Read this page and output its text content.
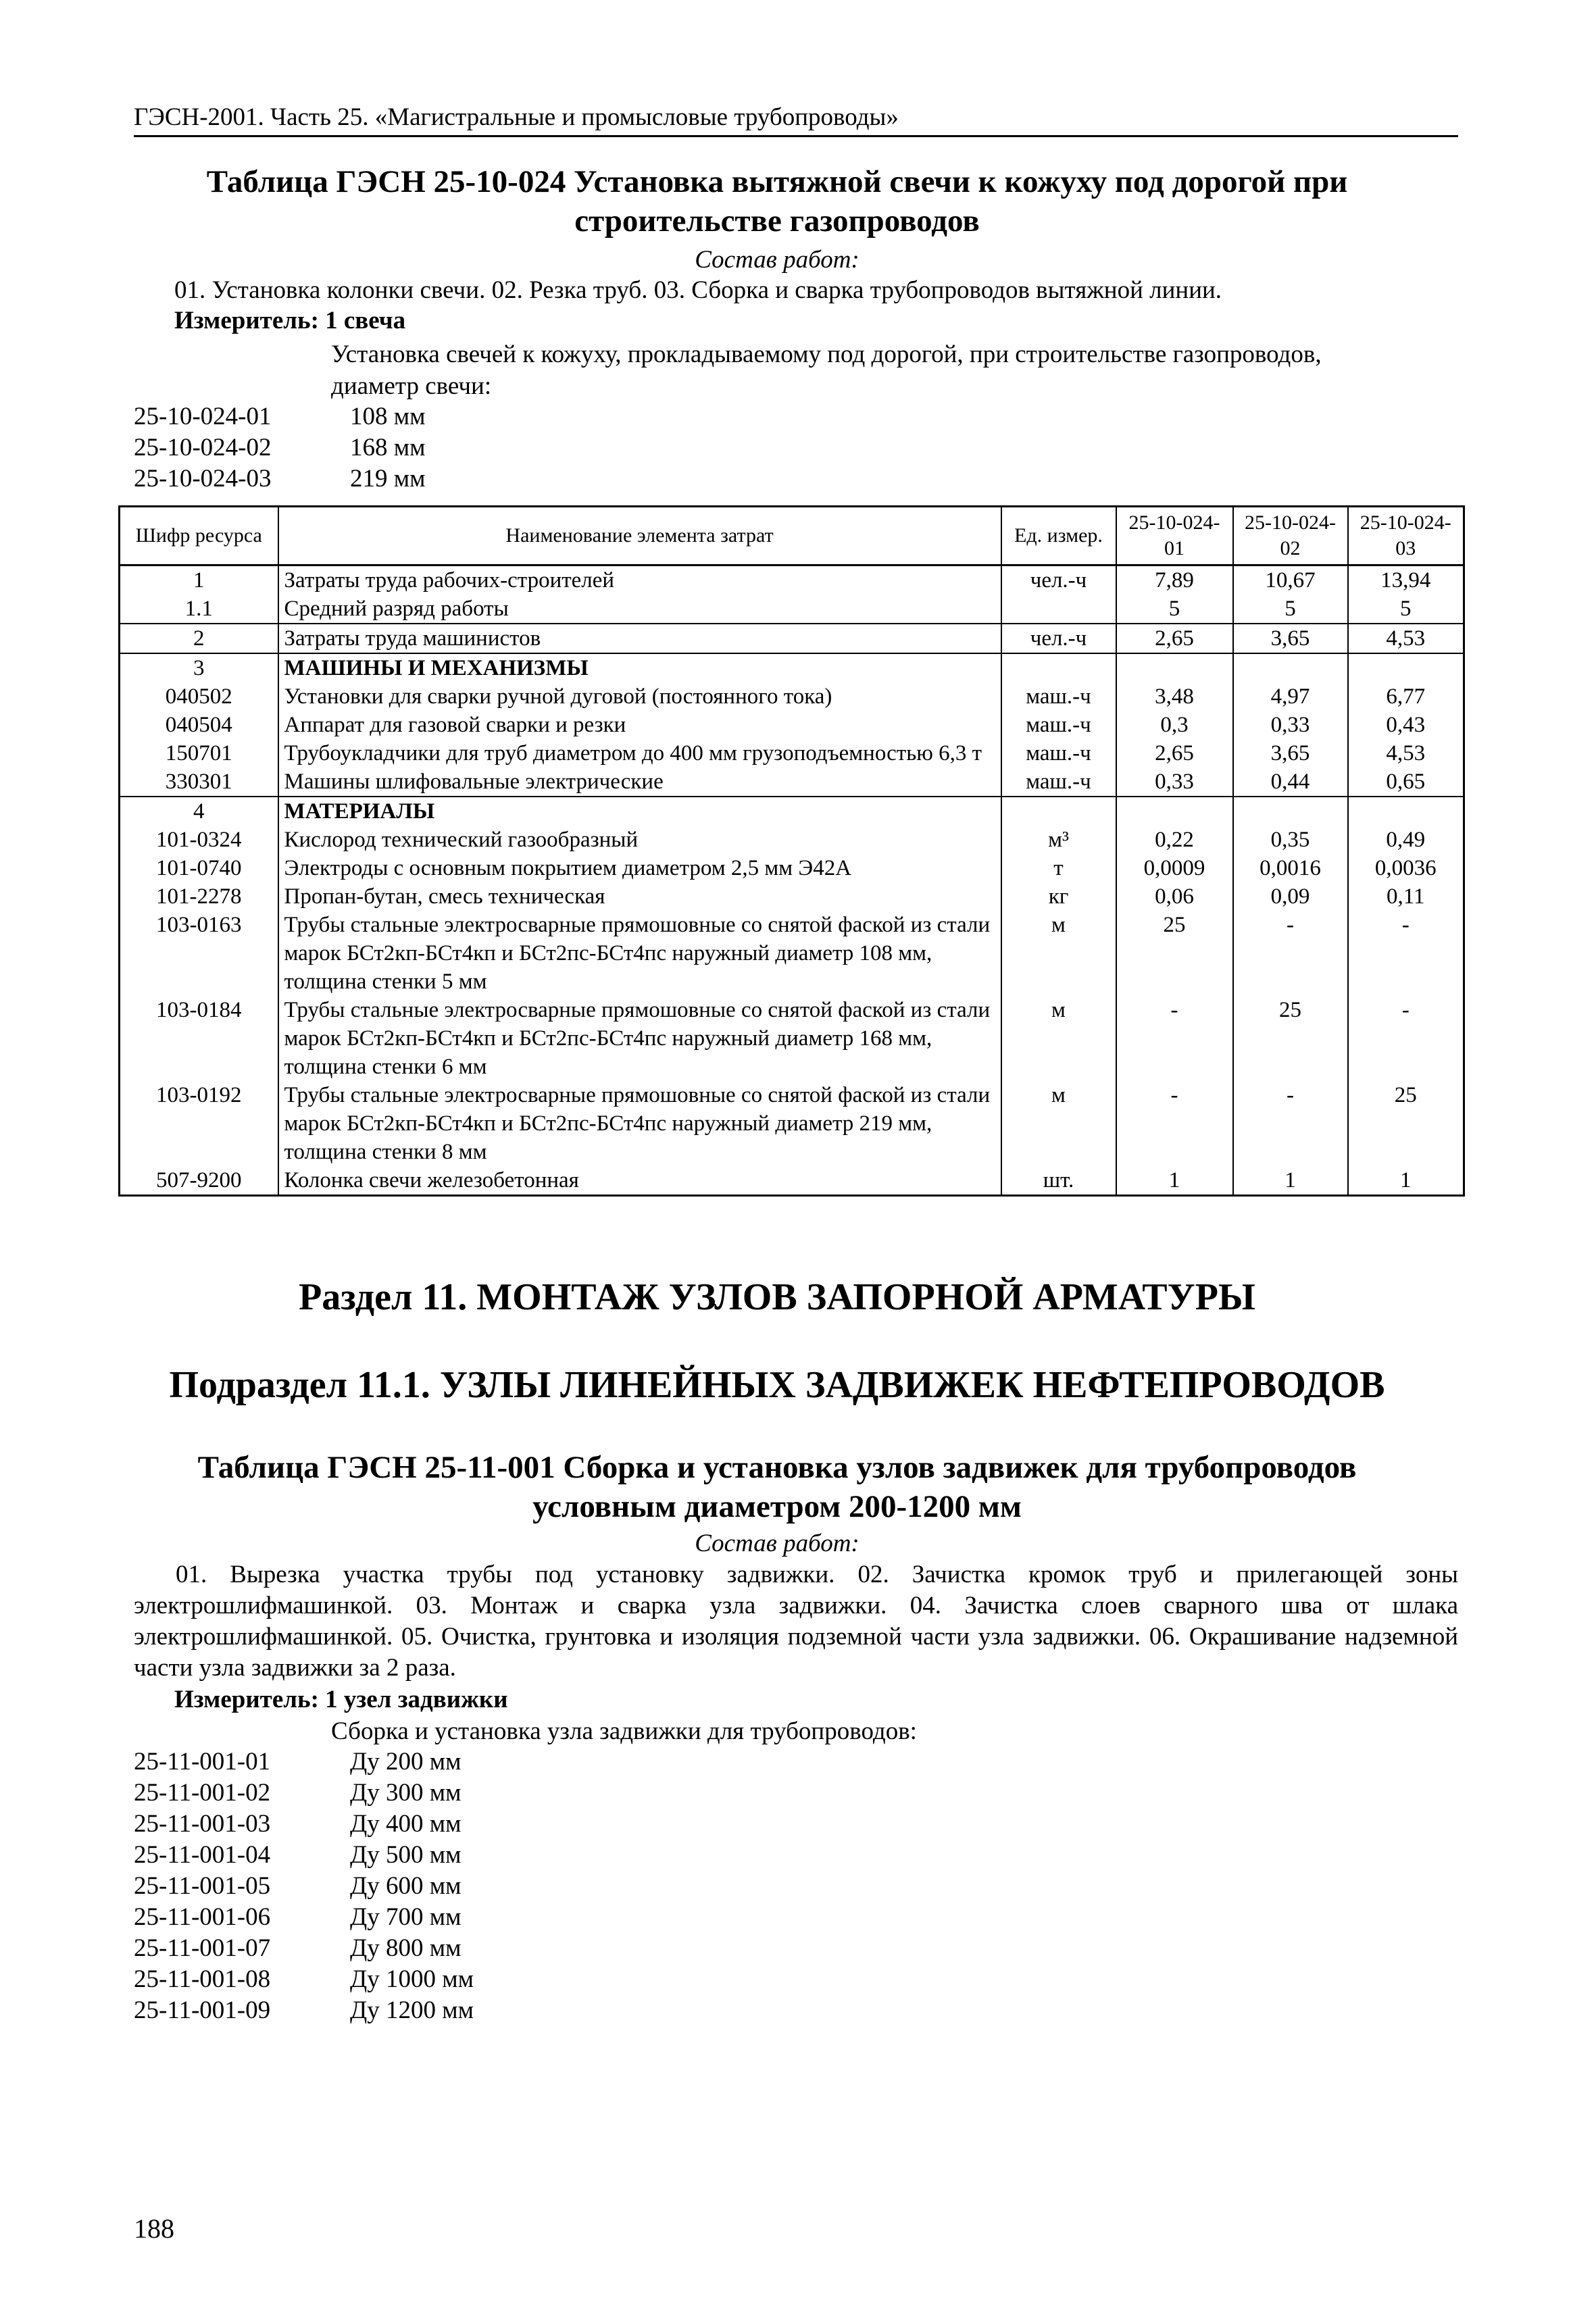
ГЭСН-2001. Часть 25. «Магистральные и промысловые трубопроводы»
Таблица ГЭСН 25-10-024 Установка вытяжной свечи к кожуху под дорогой при
строительстве газопроводов
Состав работ:
01. Установка колонки свечи. 02. Резка труб. 03. Сборка и сварка трубопроводов вытяжной линии.
Измеритель: 1 свеча
Установка свечей к кожуху, прокладываемому под дорогой, при строительстве газопроводов,
диаметр свечи:
25-10-024-01	108 мм
25-10-024-02	168 мм
25-10-024-03	219 мм
Шифр ресурса	Наименование элемента затрат	Ед. измер.	25-10-024-01	25-10-024-02	25-10-024-03
1	Затраты труда рабочих-строителей	чел.-ч	7,89	10,67	13,94
1.1	Средний разряд работы		5	5	5
2	Затраты труда машинистов	чел.-ч	2,65	3,65	4,53
3	МАШИНЫ И МЕХАНИЗМЫ				
040502	Установки для сварки ручной дуговой (постоянного тока)	маш.-ч	3,48	4,97	6,77
040504	Аппарат для газовой сварки и резки	маш.-ч	0,3	0,33	0,43
150701	Трубоукладчики для труб диаметром до 400 мм грузоподъемностью 6,3 т	маш.-ч	2,65	3,65	4,53
330301	Машины шлифовальные электрические	маш.-ч	0,33	0,44	0,65
4	МАТЕРИАЛЫ				
101-0324	Кислород технический газообразный	м³	0,22	0,35	0,49
101-0740	Электроды с основным покрытием диаметром 2,5 мм Э42А	т	0,0009	0,0016	0,0036
101-2278	Пропан-бутан, смесь техническая	кг	0,06	0,09	0,11
103-0163	Трубы стальные электросварные прямошовные со снятой фаской из стали марок БСт2кп-БСт4кп и БСт2пс-БСт4пс наружный диаметр 108 мм, толщина стенки 5 мм	м	25	-	-
103-0184	Трубы стальные электросварные прямошовные со снятой фаской из стали марок БСт2кп-БСт4кп и БСт2пс-БСт4пс наружный диаметр 168 мм, толщина стенки 6 мм	м	-	25	-
103-0192	Трубы стальные электросварные прямошовные со снятой фаской из стали марок БСт2кп-БСт4кп и БСт2пс-БСт4пс наружный диаметр 219 мм, толщина стенки 8 мм	м	-	-	25
507-9200	Колонка свечи железобетонная	шт.	1	1	1
Раздел 11. МОНТАЖ УЗЛОВ ЗАПОРНОЙ АРМАТУРЫ
Подраздел 11.1. УЗЛЫ ЛИНЕЙНЫХ ЗАДВИЖЕК НЕФТЕПРОВОДОВ
Таблица ГЭСН 25-11-001 Сборка и установка узлов задвижек для трубопроводов
условным диаметром 200-1200 мм
Состав работ:
01. Вырезка участка трубы под установку задвижки. 02. Зачистка кромок труб и прилегающей зоны электрошлифмашинкой. 03. Монтаж и сварка узла задвижки. 04. Зачистка слоев сварного шва от шлака электрошлифмашинкой. 05. Очистка, грунтовка и изоляция подземной части узла задвижки. 06. Окрашивание надземной части узла задвижки за 2 раза.
Измеритель: 1 узел задвижки
Сборка и установка узла задвижки для трубопроводов:
25-11-001-01	Ду 200 мм
25-11-001-02	Ду 300 мм
25-11-001-03	Ду 400 мм
25-11-001-04	Ду 500 мм
25-11-001-05	Ду 600 мм
25-11-001-06	Ду 700 мм
25-11-001-07	Ду 800 мм
25-11-001-08	Ду 1000 мм
25-11-001-09	Ду 1200 мм
188
